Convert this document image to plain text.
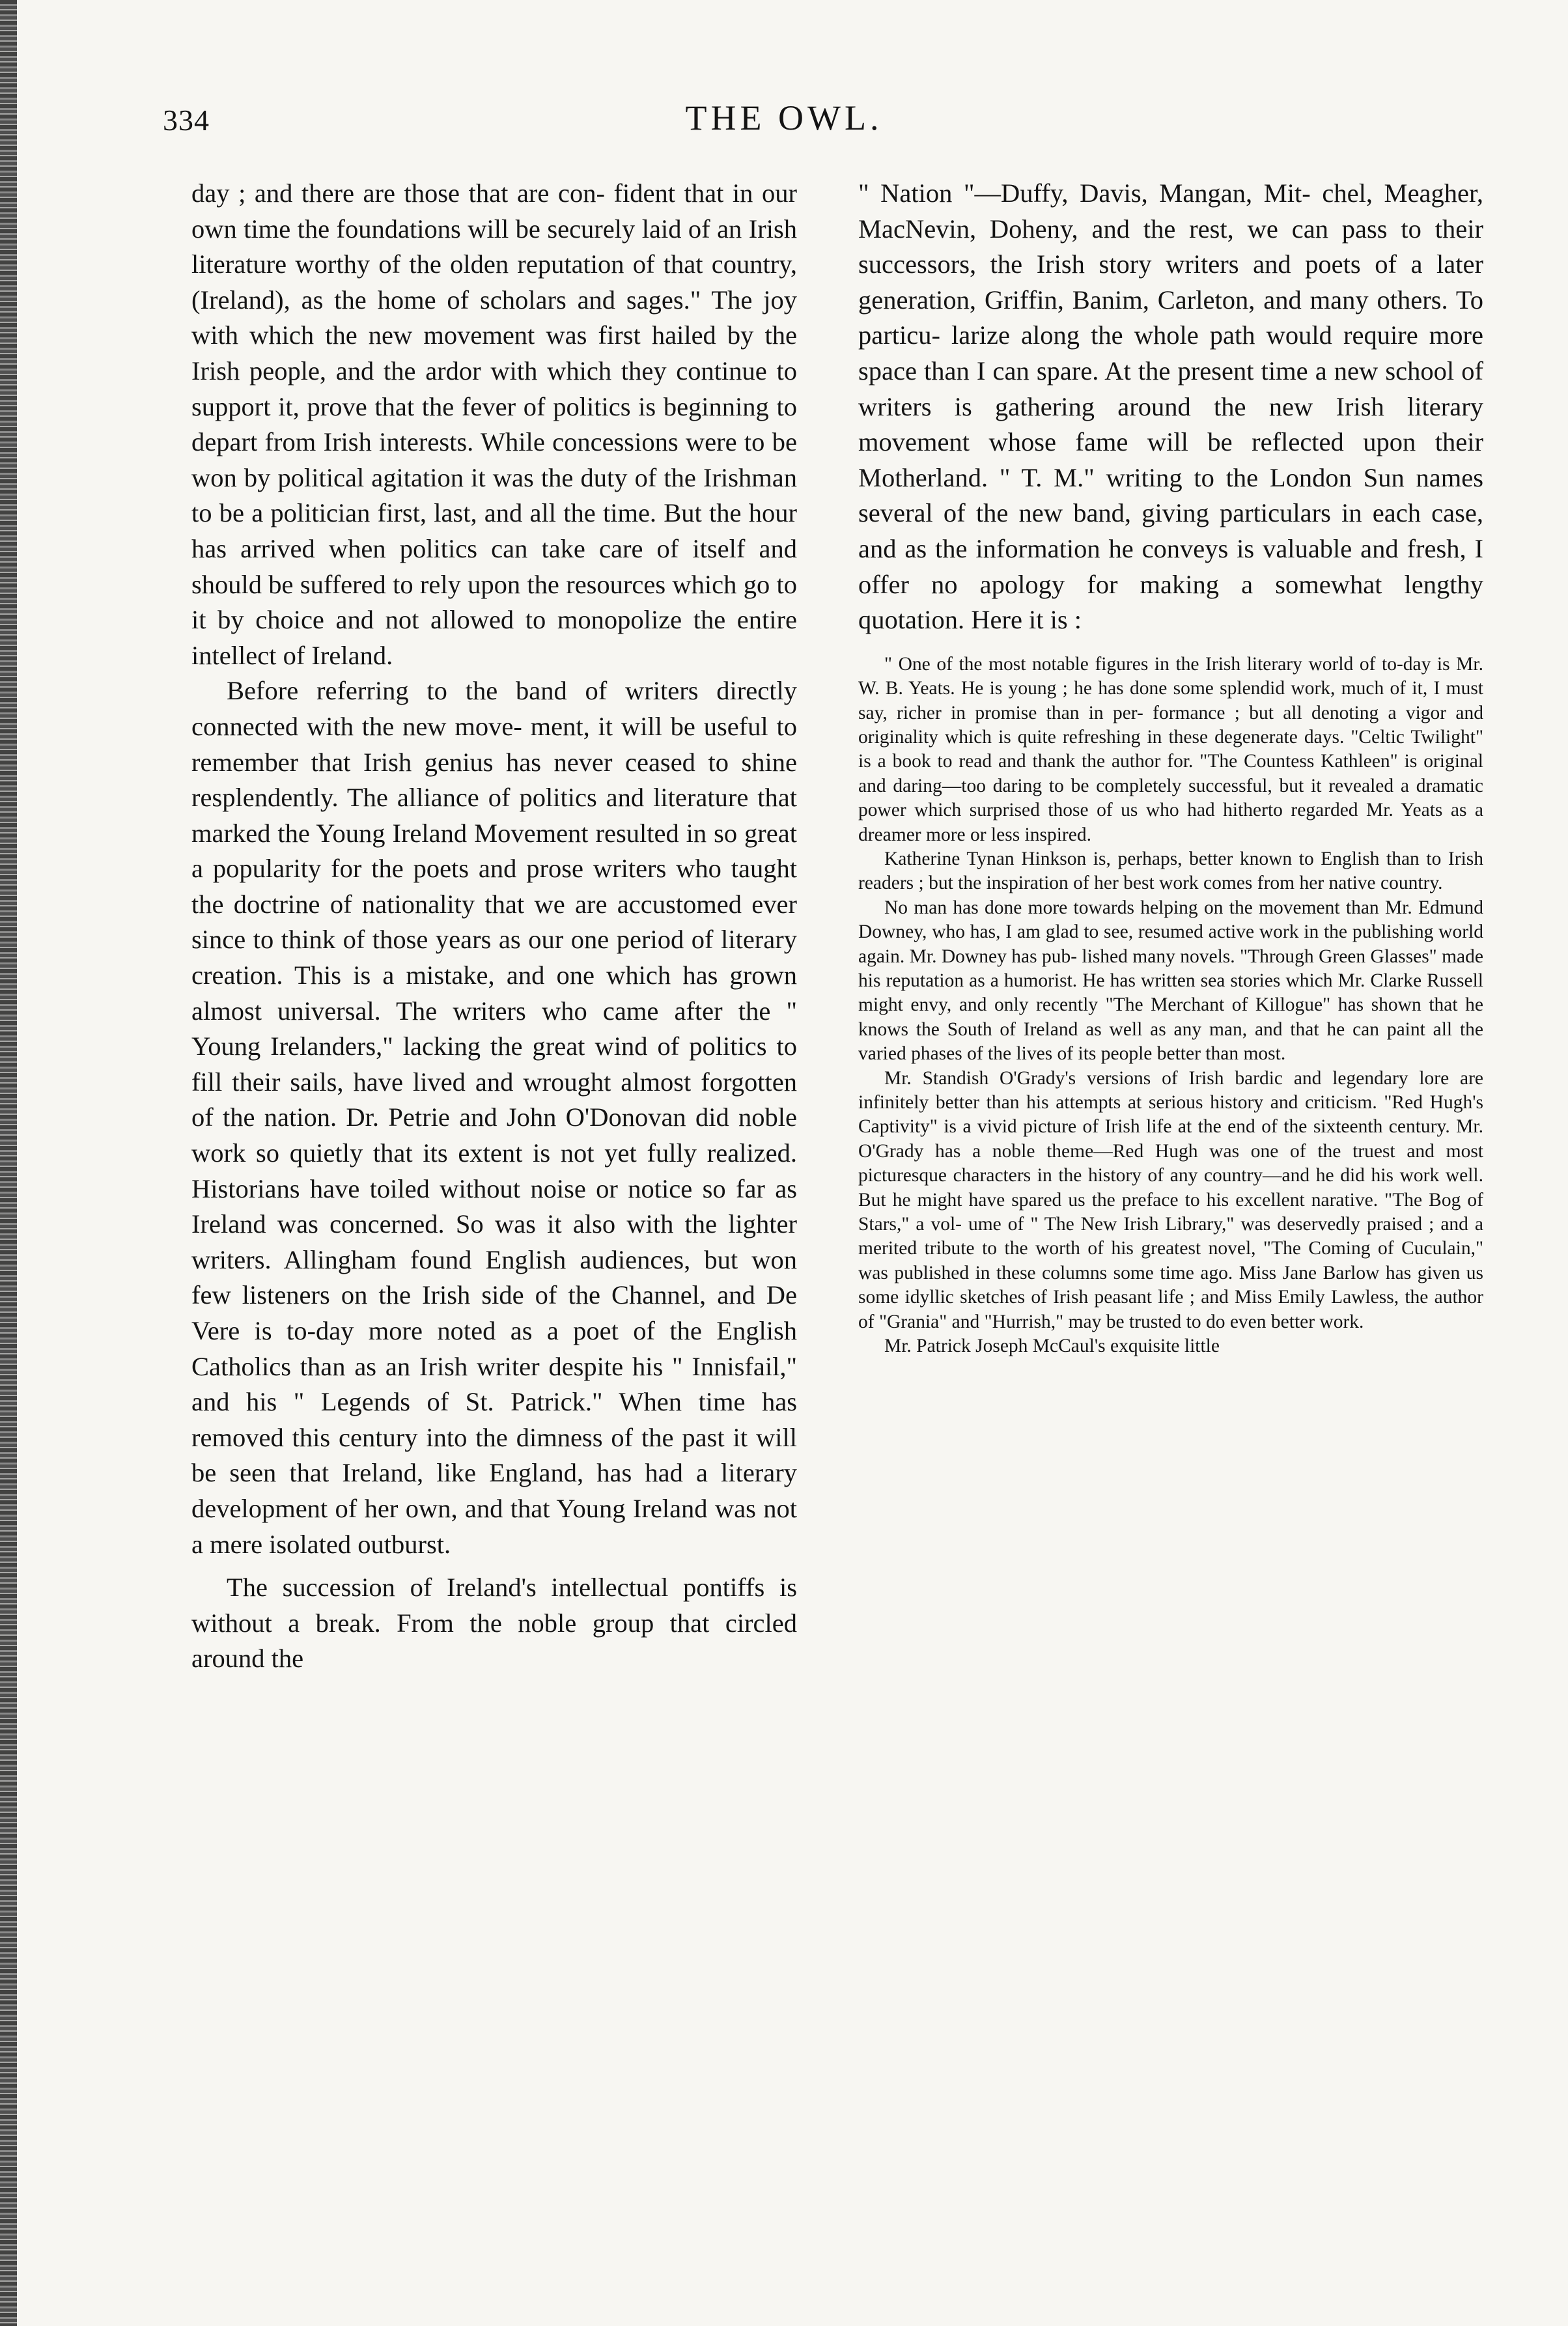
334	THE OWL.

day ; and there are those that are con- fident that in our own time the foundations will be securely laid of an Irish literature worthy of the olden reputation of that country, (Ireland), as the home of scholars and sages." The joy with which the new movement was first hailed by the Irish people, and the ardor with which they continue to support it, prove that the fever of politics is beginning to depart from Irish interests. While concessions were to be won by political agitation it was the duty of the Irishman to be a politician first, last, and all the time. But the hour has arrived when politics can take care of itself and should be suffered to rely upon the resources which go to it by choice and not allowed to monopolize the entire intellect of Ireland.

Before referring to the band of writers directly connected with the new move- ment, it will be useful to remember that Irish genius has never ceased to shine resplendently. The alliance of politics and literature that marked the Young Ireland Movement resulted in so great a popularity for the poets and prose writers who taught the doctrine of nationality that we are accustomed ever since to think of those years as our one period of literary creation. This is a mistake, and one which has grown almost universal. The writers who came after the " Young Irelanders," lacking the great wind of politics to fill their sails, have lived and wrought almost forgotten of the nation. Dr. Petrie and John O'Donovan did noble work so quietly that its extent is not yet fully realized. Historians have toiled without noise or notice so far as Ireland was concerned. So was it also with the lighter writers. Allingham found English audiences, but won few listeners on the Irish side of the Channel, and De Vere is to-day more noted as a poet of the English Catholics than as an Irish writer despite his " Innisfail," and his " Legends of St. Patrick." When time has removed this century into the dimness of the past it will be seen that Ireland, like England, has had a literary development of her own, and that Young Ireland was not a mere isolated outburst.

The succession of Ireland's intellectual pontiffs is without a break. From the noble group that circled around the

" Nation "—Duffy, Davis, Mangan, Mit- chel, Meagher, MacNevin, Doheny, and the rest, we can pass to their successors, the Irish story writers and poets of a later generation, Griffin, Banim, Carleton, and many others. To particu- larize along the whole path would require more space than I can spare. At the present time a new school of writers is gathering around the new Irish literary movement whose fame will be reflected upon their Motherland. " T. M." writing to the London Sun names several of the new band, giving particulars in each case, and as the information he conveys is valuable and fresh, I offer no apology for making a somewhat lengthy quotation. Here it is :

" One of the most notable figures in the Irish literary world of to-day is Mr. W. B. Yeats. He is young ; he has done some splendid work, much of it, I must say, richer in promise than in per- formance ; but all denoting a vigor and originality which is quite refreshing in these degenerate days. "Celtic Twilight" is a book to read and thank the author for. "The Countess Kathleen" is original and daring—too daring to be completely successful, but it revealed a dramatic power which surprised those of us who had hitherto regarded Mr. Yeats as a dreamer more or less inspired.

Katherine Tynan Hinkson is, perhaps, better known to English than to Irish readers ; but the inspiration of her best work comes from her native country.

No man has done more towards helping on the movement than Mr. Edmund Downey, who has, I am glad to see, resumed active work in the publishing world again. Mr. Downey has pub- lished many novels. "Through Green Glasses" made his reputation as a humorist. He has written sea stories which Mr. Clarke Russell might envy, and only recently "The Merchant of Killogue" has shown that he knows the South of Ireland as well as any man, and that he can paint all the varied phases of the lives of its people better than most.

Mr. Standish O'Grady's versions of Irish bardic and legendary lore are infinitely better than his attempts at serious history and criticism. "Red Hugh's Captivity" is a vivid picture of Irish life at the end of the sixteenth century. Mr. O'Grady has a noble theme—Red Hugh was one of the truest and most picturesque characters in the history of any country—and he did his work well. But he might have spared us the preface to his excellent narative. "The Bog of Stars," a vol- ume of " The New Irish Library," was deservedly praised ; and a merited tribute to the worth of his greatest novel, "The Coming of Cuculain," was published in these columns some time ago. Miss Jane Barlow has given us some idyllic sketches of Irish peasant life ; and Miss Emily Lawless, the author of "Grania" and "Hurrish," may be trusted to do even better work.

Mr. Patrick Joseph McCaul's exquisite little
